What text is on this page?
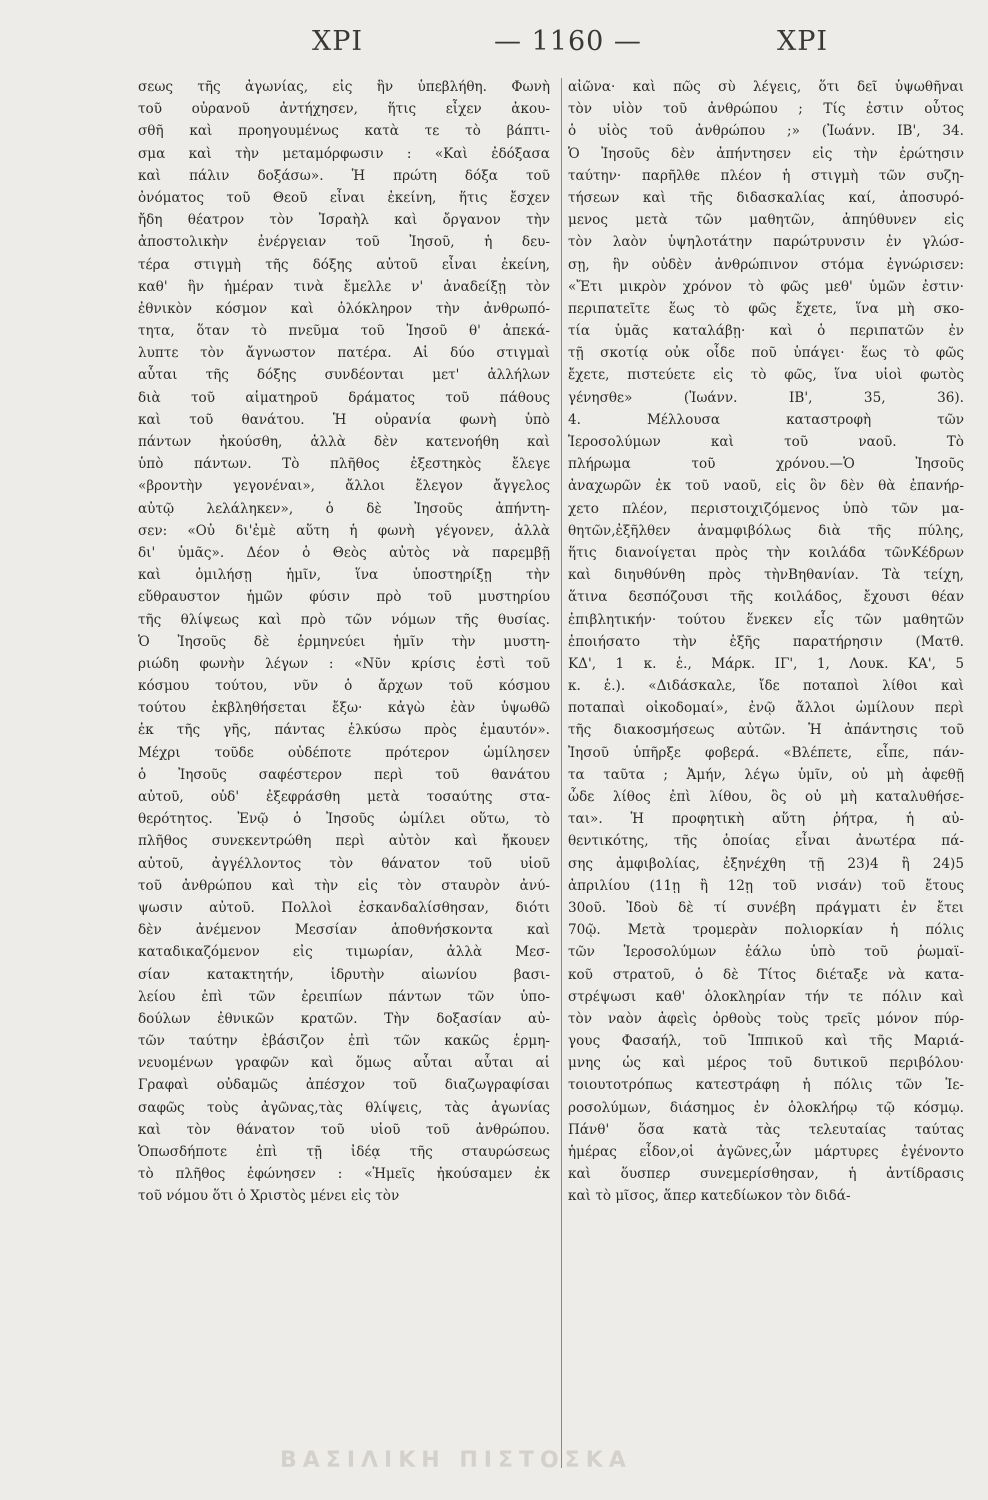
ΧΡΙ	— 1160 —	ΧΡΙ
σεως τῆς ἀγωνίας, εἰς ἣν ὑπεβλήθη. Φωνὴ
τοῦ οὐρανοῦ ἀντήχησεν, ἥτις εἶχεν ἀκου-
σθῆ καὶ προηγουμένως κατὰ τε τὸ βάπτι-
σμα καὶ τὴν μεταμόρφωσιν : «Καὶ ἐδόξασα
καὶ πάλιν δοξάσω». Ἡ πρώτη δόξα τοῦ
ὀνόματος τοῦ Θεοῦ εἶναι ἐκείνη, ἥτις ἔσχεν
ἤδη θέατρον τὸν Ἰσραὴλ καὶ ὄργανον τὴν
ἀποστολικὴν ἐνέργειαν τοῦ Ἰησοῦ, ἡ δευ-
τέρα στιγμὴ τῆς δόξης αὐτοῦ εἶναι ἐκείνη,
καθ' ἣν ἡμέραν τινὰ ἔμελλε ν' ἀναδείξῃ τὸν
ἐθνικὸν κόσμον καὶ ὁλόκληρον τὴν ἀνθρωπό-
τητα, ὅταν τὸ πνεῦμα τοῦ Ἰησοῦ θ' ἀπεκά-
λυπτε τὸν ἄγνωστον πατέρα. Αἱ δύο στιγμαὶ
αὗται τῆς δόξης συνδέονται μετ' ἀλλήλων
διὰ τοῦ αἱματηροῦ δράματος τοῦ πάθους
καὶ τοῦ θανάτου. Ἡ οὐρανία φωνὴ ὑπὸ
πάντων ἠκούσθη, ἀλλὰ δὲν κατενοήθη καὶ
ὑπὸ πάντων. Τὸ πλῆθος ἐξεστηκὸς ἔλεγε
«βροντὴν γεγονέναι», ἄλλοι ἔλεγον ἄγγελος
αὐτῷ λελάληκεν», ὁ δὲ Ἰησοῦς ἀπήντη-
σεν: «Οὐ δι'ἐμὲ αὕτη ἡ φωνὴ γέγονεν, ἀλλὰ
δι' ὑμᾶς». Δέον ὁ Θεὸς αὐτὸς νὰ παρεμβῇ
καὶ ὁμιλήσῃ ἡμῖν, ἵνα ὑποστηρίξῃ τὴν
εὔθραυστον ἡμῶν φύσιν πρὸ τοῦ μυστηρίου
τῆς θλίψεως καὶ πρὸ τῶν νόμων τῆς θυσίας.
Ὁ Ἰησοῦς δὲ ἑρμηνεύει ἡμῖν τὴν μυστη-
ριώδη φωνὴν λέγων : «Νῦν κρίσις ἐστὶ τοῦ
κόσμου τούτου, νῦν ὁ ἄρχων τοῦ κόσμου
τούτου ἐκβληθήσεται ἔξω· κἀγὼ ἐὰν ὑψωθῶ
ἐκ τῆς γῆς, πάντας ἑλκύσω πρὸς ἐμαυτόν».
Μέχρι τοῦδε οὐδέποτε πρότερον ὡμίλησεν
ὁ Ἰησοῦς σαφέστερον περὶ τοῦ θανάτου
αὐτοῦ, οὐδ' ἐξεφράσθη μετὰ τοσαύτης στα-
θερότητος. Ἐνῷ ὁ Ἰησοῦς ὡμίλει οὕτω, τὸ
πλῆθος συνεκεντρώθη περὶ αὐτὸν καὶ ἤκουεν
αὐτοῦ, ἀγγέλλοντος τὸν θάνατον τοῦ υἱοῦ
τοῦ ἀνθρώπου καὶ τὴν εἰς τὸν σταυρὸν ἀνύ-
ψωσιν αὐτοῦ. Πολλοὶ ἐσκανδαλίσθησαν, διότι
δὲν ἀνέμενον Μεσσίαν ἀποθνήσκοντα καὶ
καταδικαζόμενον εἰς τιμωρίαν, ἀλλὰ Μεσ-
σίαν κατακτητήν, ἱδρυτὴν αἰωνίου βασι-
λείου ἐπὶ τῶν ἐρειπίων πάντων τῶν ὑπο-
δούλων ἐθνικῶν κρατῶν. Τὴν δοξασίαν αὐ-
τῶν ταύτην ἐβάσιζον ἐπὶ τῶν κακῶς ἑρμη-
νευομένων γραφῶν καὶ ὅμως αὗται αὗται αἱ
Γραφαὶ οὐδαμῶς ἀπέσχον τοῦ διαζωγραφίσαι
σαφῶς τοὺς ἀγῶνας,τὰς θλίψεις, τὰς ἀγωνίας
καὶ τὸν θάνατον τοῦ υἱοῦ τοῦ ἀνθρώπου.
Ὁπωσδήποτε ἐπὶ τῇ ἰδέᾳ τῆς σταυρώσεως
τὸ πλῆθος ἐφώνησεν : «Ἡμεῖς ἠκούσαμεν ἐκ
τοῦ νόμου ὅτι ὁ Χριστὸς μένει εἰς τὸν
αἰῶνα· καὶ πῶς σὺ λέγεις, ὅτι δεῖ ὑψωθῆναι
τὸν υἱὸν τοῦ ἀνθρώπου ; Τίς ἐστιν οὗτος
ὁ υἱὸς τοῦ ἀνθρώπου ;» (Ἰωάνν. ΙΒ', 34.
Ὁ Ἰησοῦς δὲν ἀπήντησεν εἰς τὴν ἐρώτησιν
ταύτην· παρῆλθε πλέον ἡ στιγμὴ τῶν συζη-
τήσεων καὶ τῆς διδασκαλίας καί, ἀποσυρό-
μενος μετὰ τῶν μαθητῶν, ἀπηύθυνεν εἰς
τὸν λαὸν ὑψηλοτάτην παρώτρυνσιν ἐν γλώσ-
σῃ, ἣν οὐδὲν ἀνθρώπινον στόμα ἐγνώρισεν:
«Ἔτι μικρὸν χρόνον τὸ φῶς μεθ' ὑμῶν ἐστιν·
περιπατεῖτε ἕως τὸ φῶς ἔχετε, ἵνα μὴ σκο-
τία ὑμᾶς καταλάβῃ· καὶ ὁ περιπατῶν ἐν
τῇ σκοτίᾳ οὐκ οἶδε ποῦ ὑπάγει· ἕως τὸ φῶς
ἔχετε, πιστεύετε εἰς τὸ φῶς, ἵνα υἱοὶ φωτὸς
γένησθε» (Ἰωάνν. ΙΒ', 35, 36).
4. Μέλλουσα καταστροφὴ τῶν
Ἱεροσολύμων καὶ τοῦ ναοῦ. Τὸ
πλήρωμα τοῦ χρόνου.—Ὁ Ἰησοῦς
ἀναχωρῶν ἐκ τοῦ ναοῦ, εἰς ὃν δὲν θὰ ἐπανήρ-
χετο πλέον, περιστοιχιζόμενος ὑπὸ τῶν μα-
θητῶν,ἐξῆλθεν ἀναμφιβόλως διὰ τῆς πύλης,
ἥτις διανοίγεται πρὸς τὴν κοιλάδα τῶνΚέδρων
καὶ διηυθύνθη πρὸς τὴνΒηθανίαν. Τὰ τείχη,
ἅτινα δεσπόζουσι τῆς κοιλάδος, ἔχουσι θέαν
ἐπιβλητικήν· τούτου ἕνεκεν εἷς τῶν μαθητῶν
ἐποιήσατο τὴν ἑξῆς παρατήρησιν (Ματθ.
ΚΔ', 1 κ. ἑ., Μάρκ. ΙΓ', 1, Λουκ. ΚΑ', 5
κ. ἑ.). «Διδάσκαλε, ἴδε ποταποὶ λίθοι καὶ
ποταπαὶ οἰκοδομαί», ἐνῷ ἄλλοι ὡμίλουν περὶ
τῆς διακοσμήσεως αὐτῶν. Ἡ ἀπάντησις τοῦ
Ἰησοῦ ὑπῆρξε φοβερά. «Βλέπετε, εἶπε, πάν-
τα ταῦτα ; Ἀμήν, λέγω ὑμῖν, οὐ μὴ ἀφεθῇ
ὧδε λίθος ἐπὶ λίθου, ὃς οὐ μὴ καταλυθήσε-
ται». Ἡ προφητικὴ αὕτη ῥήτρα, ἡ αὐ-
θεντικότης, τῆς ὁποίας εἶναι ἀνωτέρα πά-
σης ἀμφιβολίας, ἐξηνέχθη τῇ 23)4 ἢ 24)5
ἀπριλίου (11ῃ ἢ 12ῃ τοῦ νισάν) τοῦ ἔτους
30οῦ. Ἰδοὺ δὲ τί συνέβη πράγματι ἐν ἔτει
70ῷ. Μετὰ τρομερὰν πολιορκίαν ἡ πόλις
τῶν Ἱεροσολύμων ἑάλω ὑπὸ τοῦ ῥωμαϊ-
κοῦ στρατοῦ, ὁ δὲ Τίτος διέταξε νὰ κατα-
στρέψωσι καθ' ὁλοκληρίαν τήν τε πόλιν καὶ
τὸν ναὸν ἀφεὶς ὀρθοὺς τοὺς τρεῖς μόνον πύρ-
γους Φασαήλ, τοῦ Ἱππικοῦ καὶ τῆς Μαριά-
μνης ὡς καὶ μέρος τοῦ δυτικοῦ περιβόλου·
τοιουτοτρόπως κατεστράφη ἡ πόλις τῶν Ἱε-
ροσολύμων, διάσημος ἐν ὁλοκλήρῳ τῷ κόσμῳ.
Πάνθ' ὅσα κατὰ τὰς τελευταίας ταύτας
ἡμέρας εἶδον,οἱ ἀγῶνες,ὧν μάρτυρες ἐγένοντο
καὶ ὅυσπερ συνεμερίσθησαν, ἡ ἀντίδρασις
καὶ τὸ μῖσος, ἅπερ κατεδίωκον τὸν διδά-
ΒΑΣΙΛΙΚΗ ΠΙΣΤΟΣΚΑ
